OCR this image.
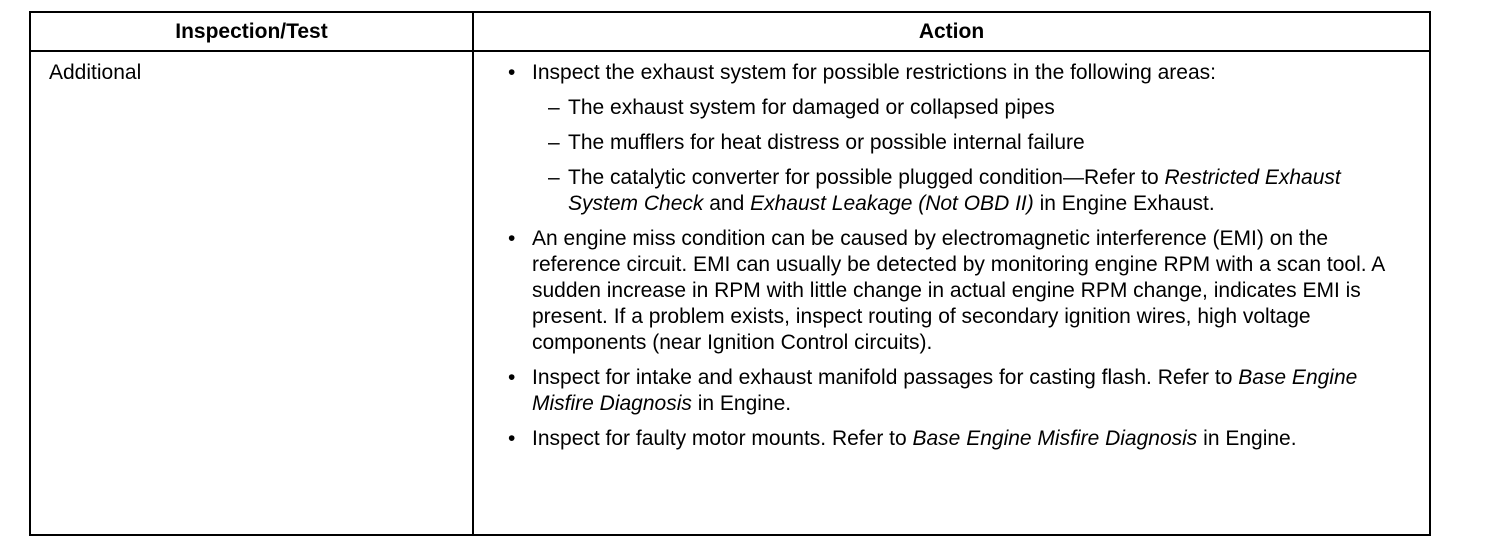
Inspection/Test	Action
Additional	• Inspect the exhaust system for possible restrictions in the following areas:
– The exhaust system for damaged or collapsed pipes
– The mufflers for heat distress or possible internal failure
– The catalytic converter for possible plugged condition—Refer to Restricted Exhaust System Check and Exhaust Leakage (Not OBD II) in Engine Exhaust.
• An engine miss condition can be caused by electromagnetic interference (EMI) on the reference circuit. EMI can usually be detected by monitoring engine RPM with a scan tool. A sudden increase in RPM with little change in actual engine RPM change, indicates EMI is present. If a problem exists, inspect routing of secondary ignition wires, high voltage components (near Ignition Control circuits).
• Inspect for intake and exhaust manifold passages for casting flash. Refer to Base Engine Misfire Diagnosis in Engine.
• Inspect for faulty motor mounts. Refer to Base Engine Misfire Diagnosis in Engine.
